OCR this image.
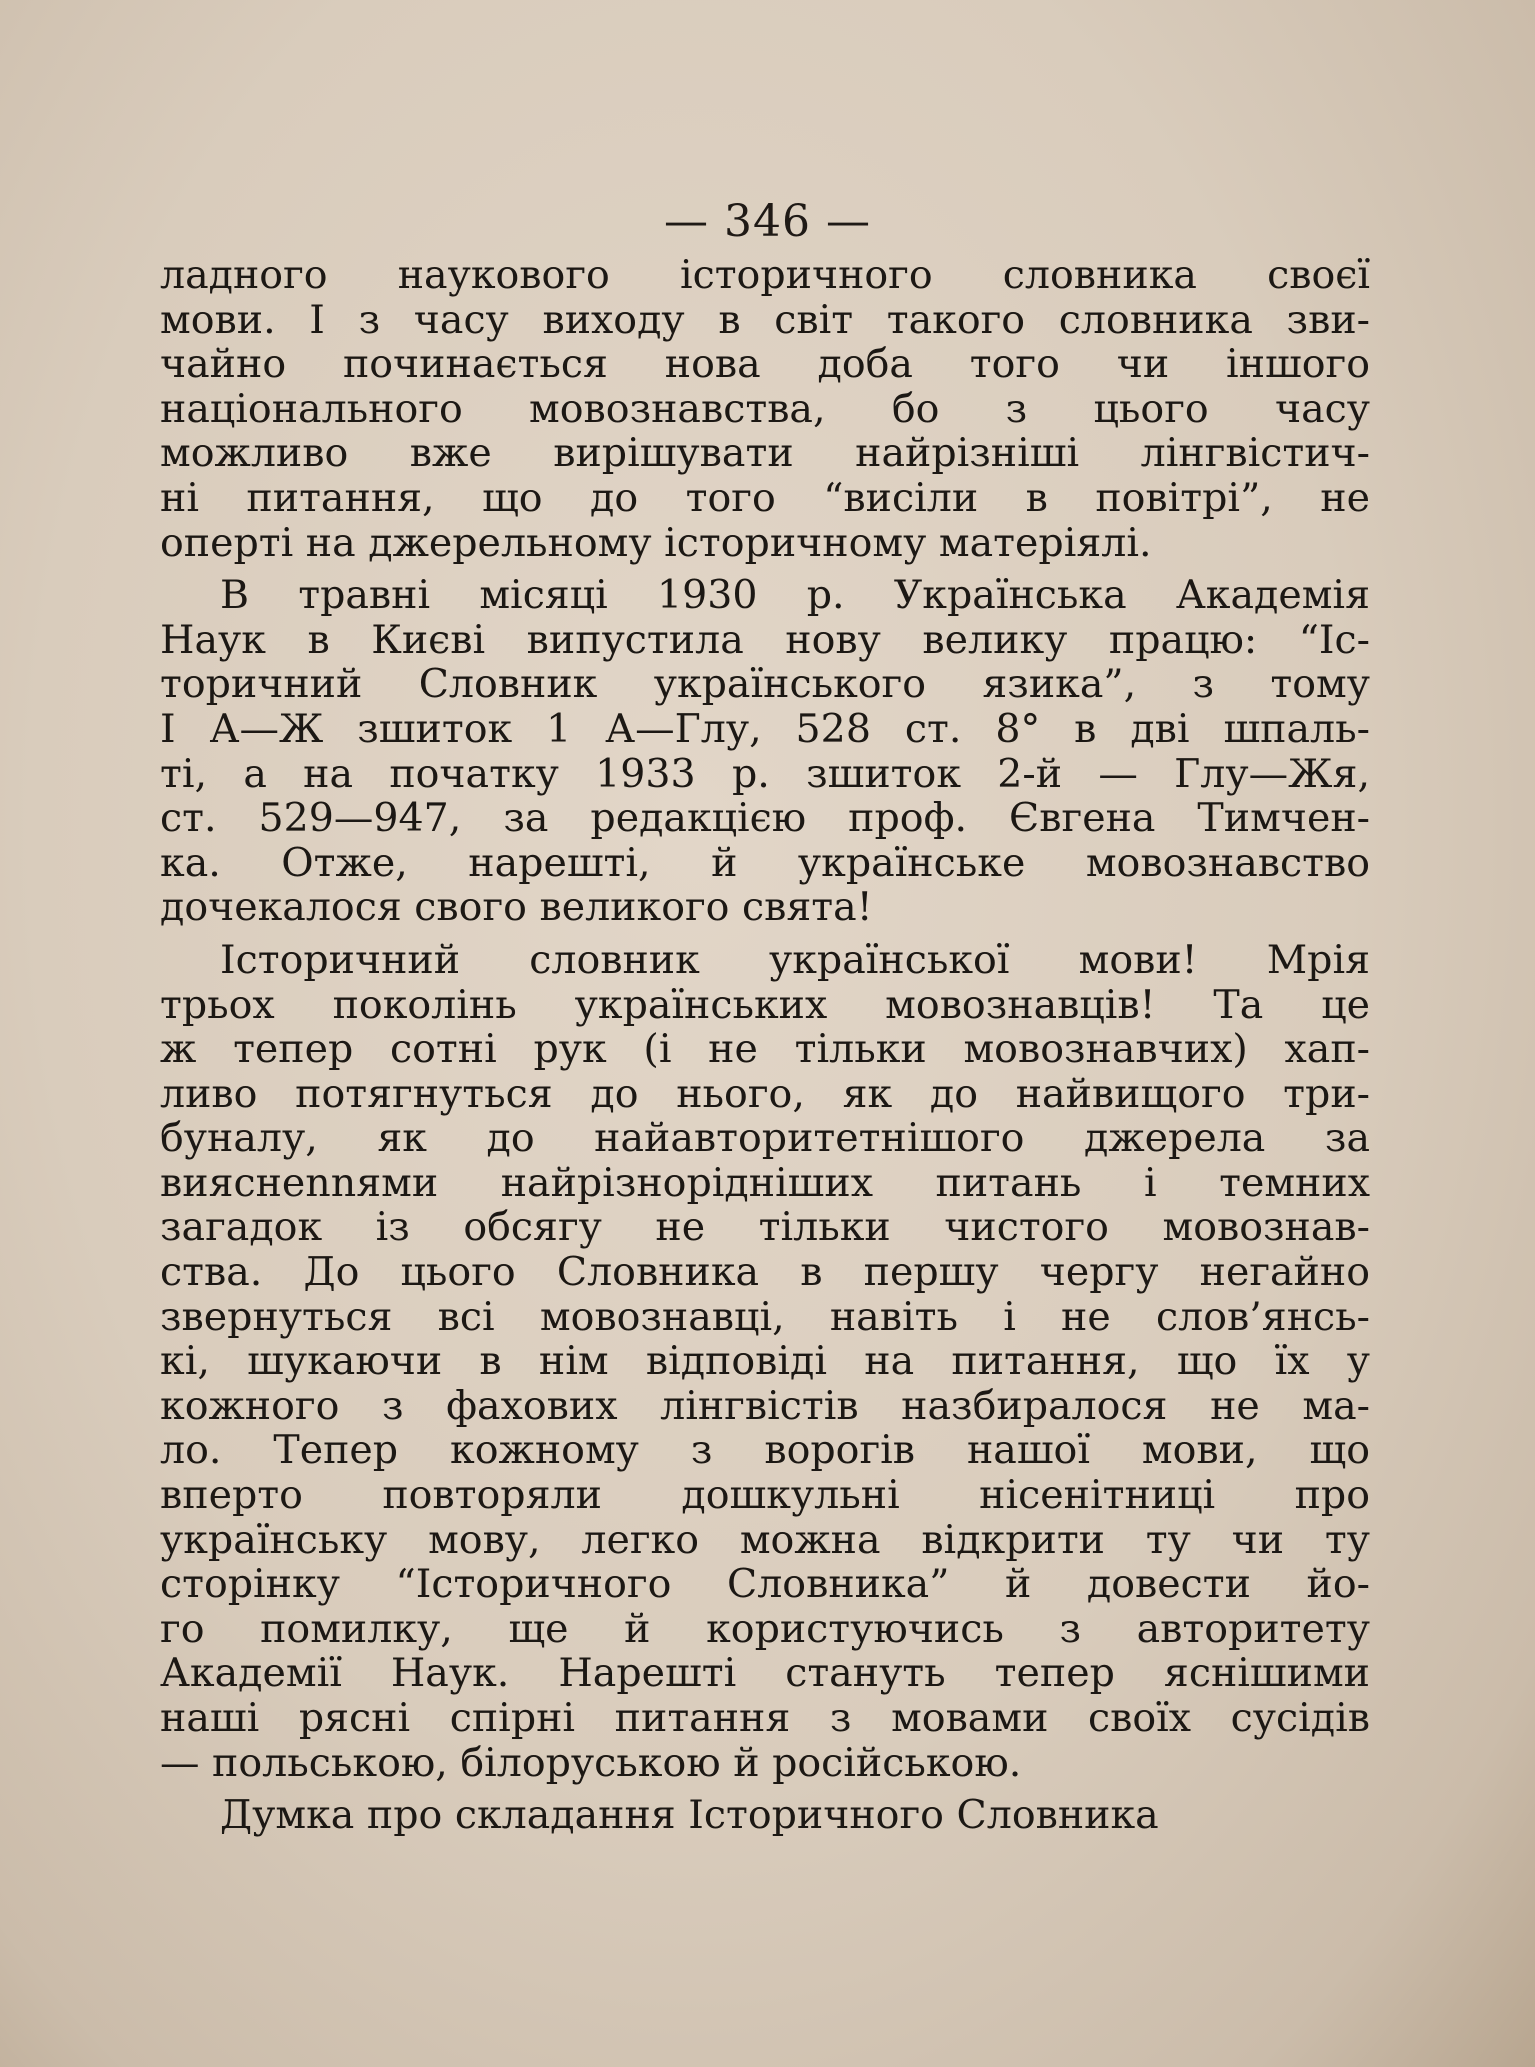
— 346 —
ладного наукового історичного словника своєї
мови. І з часу виходу в світ такого словника зви-
чайно починається нова доба того чи іншого
національного мовознавства, бо з цього часу
можливо вже вирішувати найрізніші лінгвістич-
ні питання, що до того “висіли в повітрі”, не
оперті на джерельному історичному матеріялі.
В травні місяці 1930 р. Українська Академія
Наук в Києві випустила нову велику працю: “Іс-
торичний Словник українського язика”, з тому
І А—Ж зшиток 1 А—Глу, 528 ст. 8° в дві шпаль-
ті, а на початку 1933 р. зшиток 2-й — Глу—Жя,
ст. 529—947, за редакцією проф. Євгена Тимчен-
ка. Отже, нарешті, й українське мовознавство
дочекалося свого великого свята!
Історичний словник української мови! Мрія
трьох поколінь українських мовознавців! Та це
ж тепер сотні рук (і не тільки мовознавчих) хап-
ливо потягнуться до нього, як до найвищого три-
буналу, як до найавторитетнішого джерела за
вияснennями найрізноріднішиx питань і темних
загадок із обсягу не тільки чистого мовознав-
ства. До цього Словника в першу чергу негайно
звернуться всі мовознавці, навіть і не слов’янсь-
кі, шукаючи в нім відповіді на питання, що їх у
кожного з фахових лінгвістів назбиралося не ма-
ло. Тепер кожному з ворогів нашої мови, що
вперто повторяли дошкульні нісенітниці про
українську мову, легко можна відкрити ту чи ту
сторінку “Історичного Словника” й довести йо-
го помилку, ще й користуючись з авторитету
Академії Наук. Нарешті стануть тепер яснішими
наші рясні спірні питання з мовами своїх сусідів
— польською, білоруською й російською.
Думка про складання Історичного Словника
